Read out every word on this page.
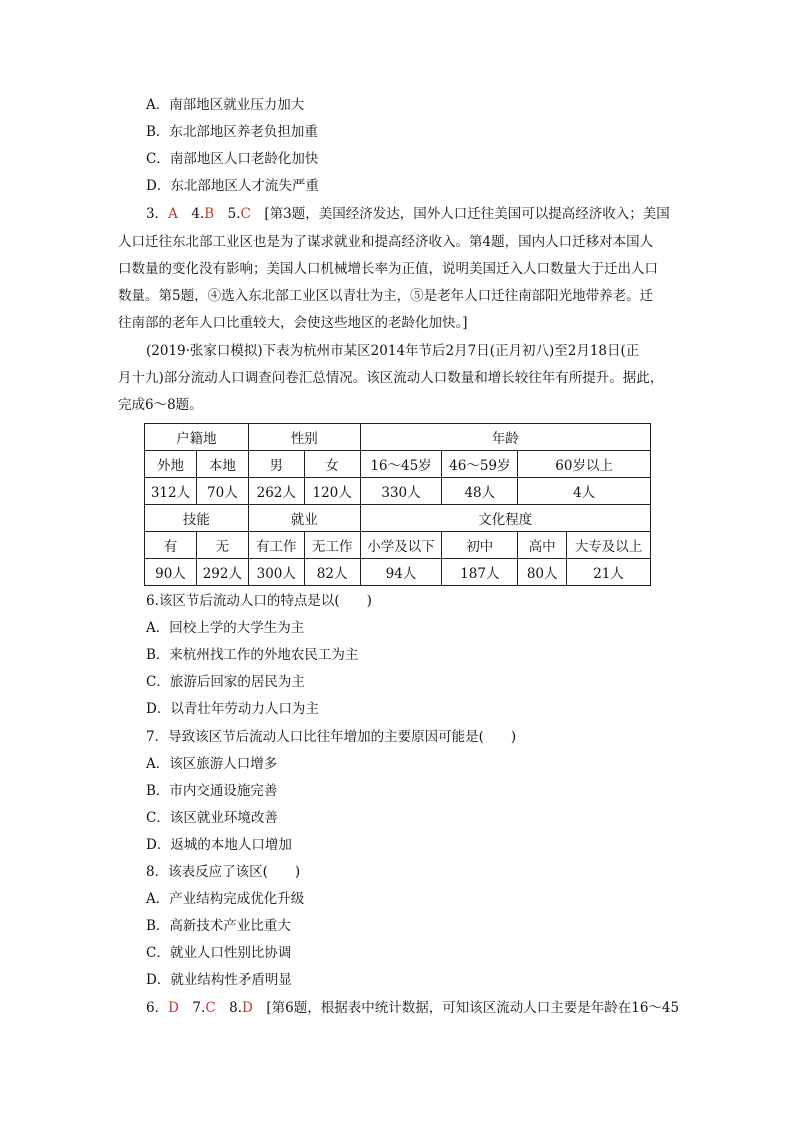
A．南部地区就业压力加大
B．东北部地区养老负担加重
C．南部地区人口老龄化加快
D．东北部地区人才流失严重
3．A　4.B　5.C　[第3题，美国经济发达，国外人口迁往美国可以提高经济收入；美国
人口迁往东北部工业区也是为了谋求就业和提高经济收入。第4题，国内人口迁移对本国人
口数量的变化没有影响；美国人口机械增长率为正值，说明美国迁入人口数量大于迁出人口
数量。第5题，④选入东北部工业区以青壮为主，⑤是老年人口迁往南部阳光地带养老。迁
往南部的老年人口比重较大，会使这些地区的老龄化加快。]
(2019·张家口模拟)下表为杭州市某区2014年节后2月7日(正月初八)至2月18日(正
月十九)部分流动人口调查问卷汇总情况。该区流动人口数量和增长较往年有所提升。据此，
完成6～8题。
户籍地		性别		年龄			
外地	本地	男	女	16～45岁	46～59岁	60岁以上	
312人	70人	262人	120人	330人	48人	4人	
技能		就业		文化程度			
有	无	有工作	无工作	小学及以下	初中	高中	大专及以上
90人	292人	300人	82人	94人	187人	80人	21人
6.该区节后流动人口的特点是以(　　)
A．回校上学的大学生为主
B．来杭州找工作的外地农民工为主
C．旅游后回家的居民为主
D．以青壮年劳动力人口为主
7．导致该区节后流动人口比往年增加的主要原因可能是(　　)
A．该区旅游人口增多
B．市内交通设施完善
C．该区就业环境改善
D．返城的本地人口增加
8．该表反应了该区(　　)
A．产业结构完成优化升级
B．高新技术产业比重大
C．就业人口性别比协调
D．就业结构性矛盾明显
6．D　7.C　8.D　[第6题，根据表中统计数据，可知该区流动人口主要是年龄在16～45
